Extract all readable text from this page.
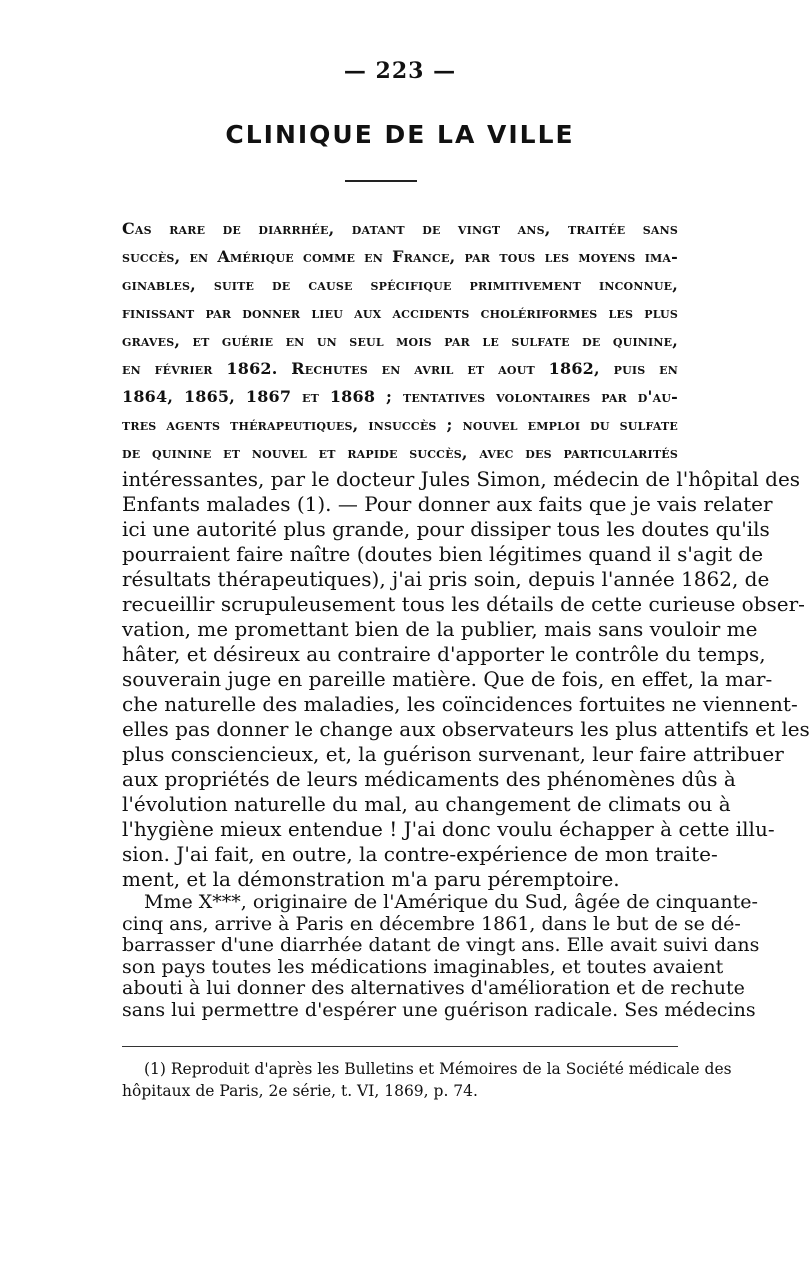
— 223 —
CLINIQUE DE LA VILLE
Cas rare de diarrhée, datant de vingt ans, traitée sans
succès, en Amérique comme en France, par tous les moyens ima-
ginables, suite de cause spécifique primitivement inconnue,
finissant par donner lieu aux accidents cholériformes les plus
graves, et guérie en un seul mois par le sulfate de quinine,
en février 1862. Rechutes en avril et aout 1862, puis en
1864, 1865, 1867 et 1868 ; tentatives volontaires par d'au-
tres agents thérapeutiques, insuccès ; nouvel emploi du sulfate
de quinine et nouvel et rapide succès, avec des particularités
intéressantes, par le docteur Jules Simon, médecin de l'hôpital des
Enfants malades (1). — Pour donner aux faits que je vais relater
ici une autorité plus grande, pour dissiper tous les doutes qu'ils
pourraient faire naître (doutes bien légitimes quand il s'agit de
résultats thérapeutiques), j'ai pris soin, depuis l'année 1862, de
recueillir scrupuleusement tous les détails de cette curieuse obser-
vation, me promettant bien de la publier, mais sans vouloir me
hâter, et désireux au contraire d'apporter le contrôle du temps,
souverain juge en pareille matière. Que de fois, en effet, la mar-
che naturelle des maladies, les coïncidences fortuites ne viennent-
elles pas donner le change aux observateurs les plus attentifs et les
plus consciencieux, et, la guérison survenant, leur faire attribuer
aux propriétés de leurs médicaments des phénomènes dûs à
l'évolution naturelle du mal, au changement de climats ou à
l'hygiène mieux entendue ! J'ai donc voulu échapper à cette illu-
sion. J'ai fait, en outre, la contre-expérience de mon traite-
ment, et la démonstration m'a paru péremptoire.
Mme X***, originaire de l'Amérique du Sud, âgée de cinquante-
cinq ans, arrive à Paris en décembre 1861, dans le but de se dé-
barrasser d'une diarrhée datant de vingt ans. Elle avait suivi dans
son pays toutes les médications imaginables, et toutes avaient
abouti à lui donner des alternatives d'amélioration et de rechute
sans lui permettre d'espérer une guérison radicale. Ses médecins
(1) Reproduit d'après les Bulletins et Mémoires de la Société médicale des
hôpitaux de Paris, 2e série, t. VI, 1869, p. 74.
